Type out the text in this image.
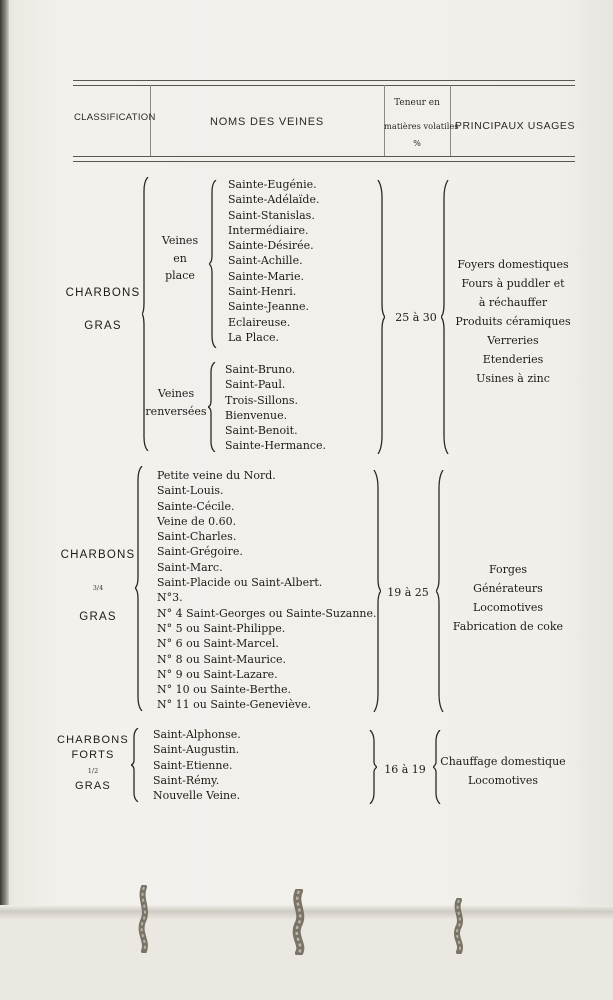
CLASSIFICATION	NOMS DES VEINES
Teneur en
matières volatiles
%
PRINCIPAUX USAGES
CHARBONS
GRAS
Veines
en
place
Sainte-Eugénie.
Sainte-Adélaïde.
Saint-Stanislas.
Intermédiaire.
Sainte-Désirée.
Saint-Achille.
Sainte-Marie.
Saint-Henri.
Sainte-Jeanne.
Eclaireuse.
La Place.
Veines
renversées
Saint-Bruno.
Saint-Paul.
Trois-Sillons.
Bienvenue.
Saint-Benoit.
Sainte-Hermance.
25 à 30
Foyers domestiques
Fours à puddler et
à réchauffer
Produits céramiques
Verreries
Etenderies
Usines à zinc
CHARBONS
3/4
GRAS
Petite veine du Nord.
Saint-Louis.
Sainte-Cécile.
Veine de 0.60.
Saint-Charles.
Saint-Grégoire.
Saint-Marc.
Saint-Placide ou Saint-Albert.
N°3.
N° 4 Saint-Georges ou Sainte-Suzanne.
N° 5 ou Saint-Philippe.
N° 6 ou Saint-Marcel.
N° 8 ou Saint-Maurice.
N° 9 ou Saint-Lazare.
N° 10 ou Sainte-Berthe.
N° 11 ou Sainte-Geneviève.
19 à 25
Forges
Générateurs
Locomotives
Fabrication de coke
CHARBONS
FORTS
1/2
GRAS
Saint-Alphonse.
Saint-Augustin.
Saint-Etienne.
Saint-Rémy.
Nouvelle Veine.
16 à 19
Chauffage domestique
Locomotives
